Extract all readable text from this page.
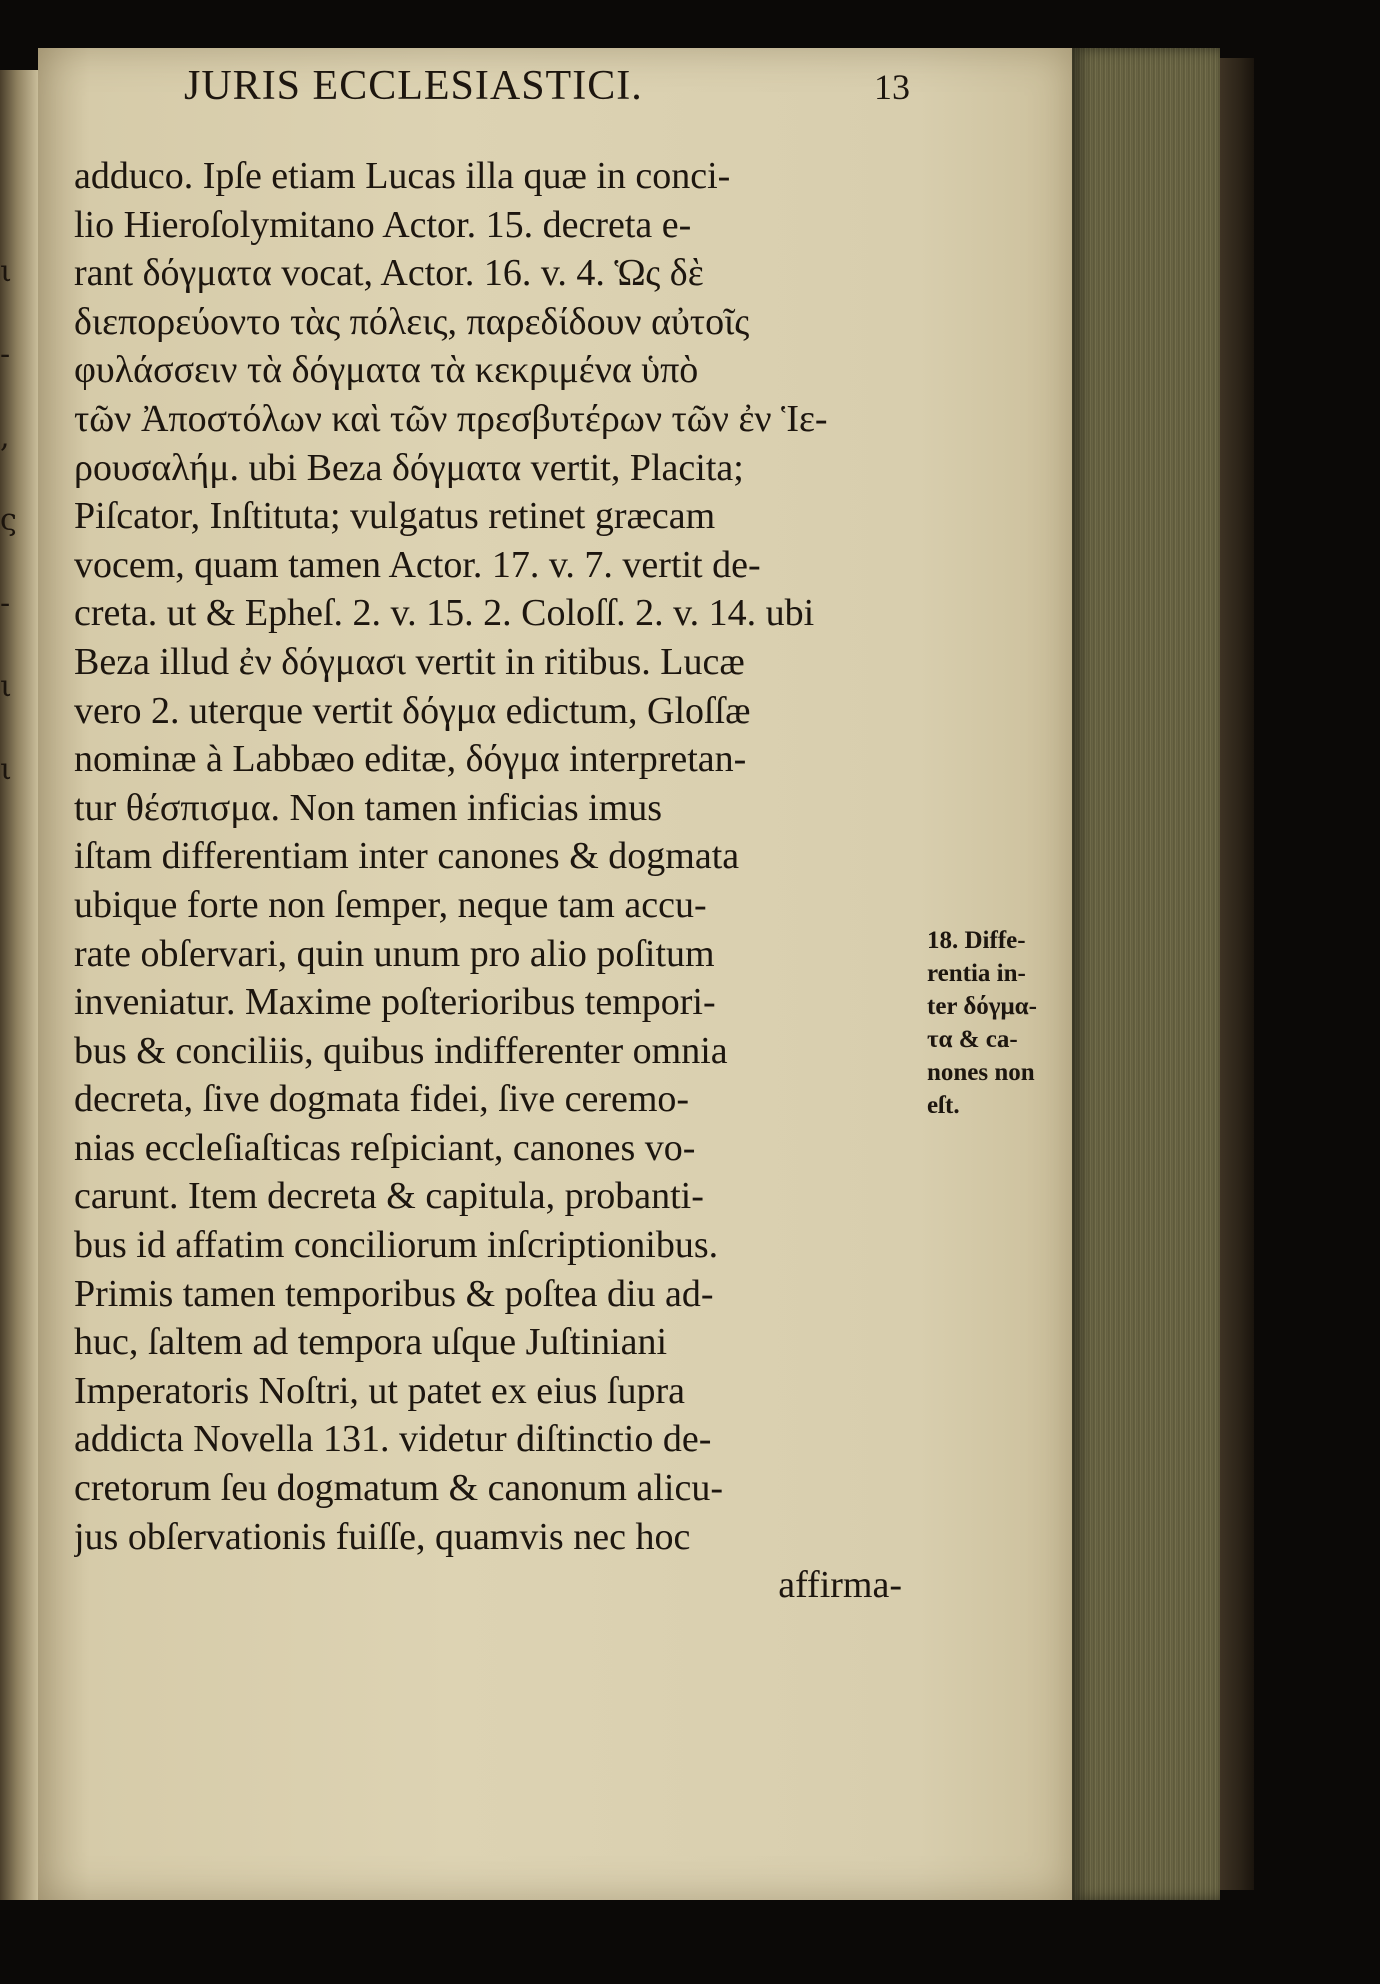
ι
-
,
ς
-
ι
ι
JURIS ECCLESIASTICI.	13
adduco. Ipſe etiam Lucas illa quæ in conci-
lio Hieroſolymitano Actor. 15. decreta e-
rant δόγματα vocat, Actor. 16. v. 4. Ὡς δὲ
διεπορεύοντο τὰς πόλεις, παρεδίδουν αὐτοῖς
φυλάσσειν τὰ δόγματα τὰ κεκριμένα ὑπὸ
τῶν Ἀποστόλων καὶ τῶν πρεσβυτέρων τῶν ἐν Ἱε-
ρουσαλήμ. ubi Beza δόγματα vertit, Placita;
Piſcator, Inſtituta; vulgatus retinet græcam
vocem, quam tamen Actor. 17. v. 7. vertit de-
creta. ut & Epheſ. 2. v. 15. 2. Coloſſ. 2. v. 14. ubi
Beza illud ἐν δόγμασι vertit in ritibus. Lucæ
vero 2. uterque vertit δόγμα edictum, Gloſſæ
nominæ à Labbæo editæ, δόγμα interpretan-
tur θέσπισμα. Non tamen inficias imus
iſtam differentiam inter canones & dogmata
ubique forte non ſemper, neque tam accu-
rate obſervari, quin unum pro alio poſitum
inveniatur. Maxime poſterioribus tempori-
bus & conciliis, quibus indifferenter omnia
decreta, ſive dogmata fidei, ſive ceremo-
nias eccleſiaſticas reſpiciant, canones vo-
carunt. Item decreta & capitula, probanti-
bus id affatim conciliorum inſcriptionibus.
Primis tamen temporibus & poſtea diu ad-
huc, ſaltem ad tempora uſque Juſtiniani
Imperatoris Noſtri, ut patet ex eius ſupra
addicta Novella 131. videtur diſtinctio de-
cretorum ſeu dogmatum & canonum alicu-
jus obſervationis fuiſſe, quamvis nec hoc
affirma-
18. Diffe-
rentia in-
ter δόγμα-
τα & ca-
nones non
eſt.
